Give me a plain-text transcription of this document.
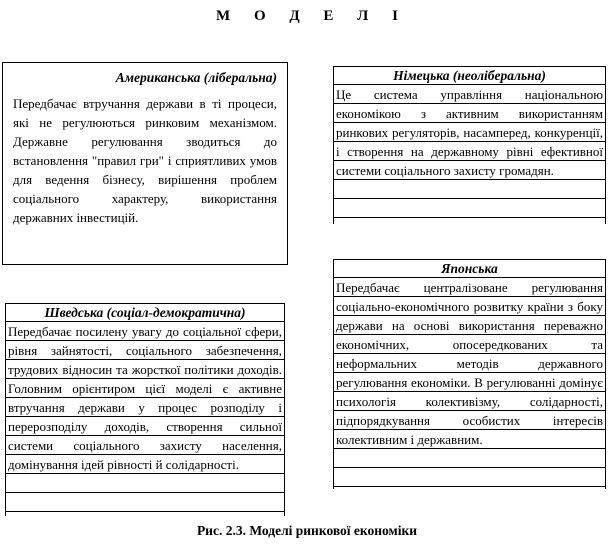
М О Д Е Л І
Американська (ліберальна)
Передбачає втручання держави в ті процеси, які не регулюються ринковим механізмом. Державне регулювання зводиться до встановлення "правил гри" і сприятливих умов для ведення бізнесу, вирішення проблем соціального характеру, використання державних інвестицій.
Німецька (неоліберальна)
Це система управління національною економікою з активним використанням ринкових регуляторів, насамперед, конкуренції, і створення на державному рівні ефективної системи соціального захисту громадян.
Японська
Передбачає централізоване регулювання соціально-економічного розвитку країни з боку держави на основі використання переважно економічних, опосередкованих та неформальних методів державного регулювання економіки. В регулюванні домінує психологія колективізму, солідарності, підпорядкування особистих інтересів колективним і державним.
Шведська (соціал-демократична)
Передбачає посилену увагу до соціальної сфери, рівня зайнятості, соціального забезпечення, трудових відносин та жорсткої політики доходів. Головним орієнтиром цієї моделі є активне втручання держави у процес розподілу і перерозподілу доходів, створення сильної системи соціального захисту населення, домінування ідей рівності й солідарності.
Рис. 2.3. Моделі ринкової економіки
